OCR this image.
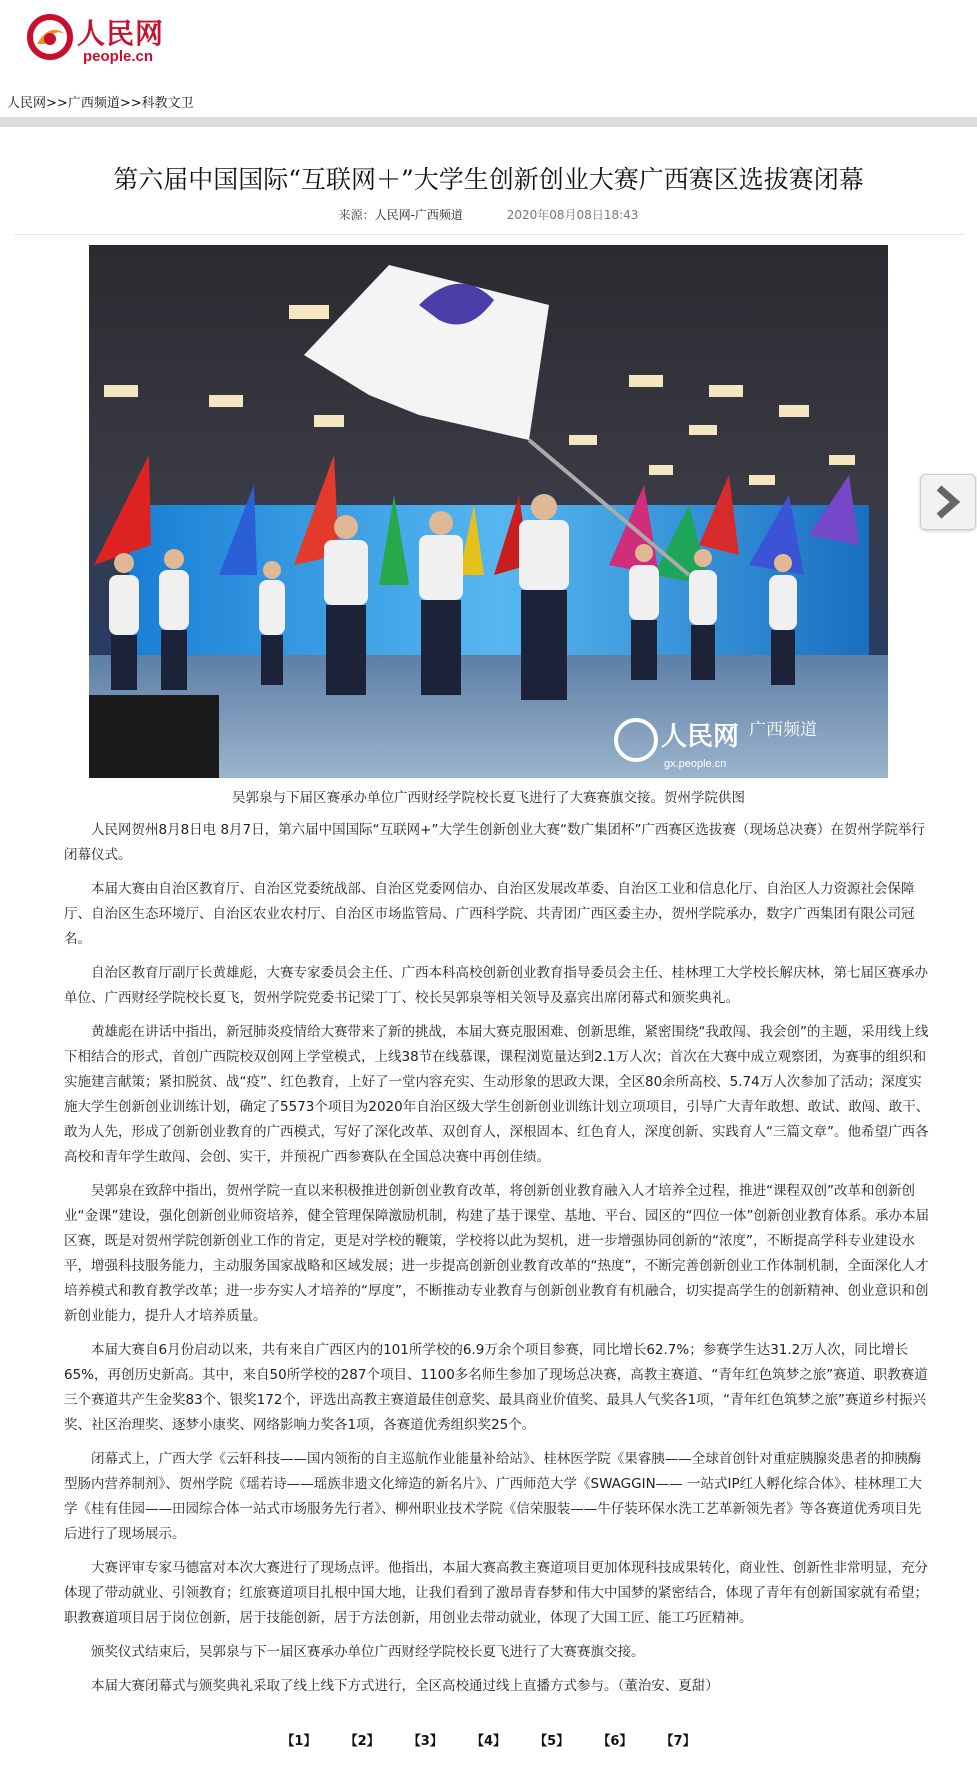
人民网
people.cn
人民网>>广西频道>>科教文卫
第六届中国国际“互联网＋”大学生创新创业大赛广西赛区选拔赛闭幕
来源：人民网-广西频道	2020年08月08日18:43
人民网 广西频道
gx.people.cn
吴郭泉与下届区赛承办单位广西财经学院校长夏飞进行了大赛赛旗交接。贺州学院供图

人民网贺州8月8日电 8月7日，第六届中国国际“互联网+”大学生创新创业大赛“数广集团杯”广西赛区选拔赛（现场总决赛）在贺州学院举行闭幕仪式。

本届大赛由自治区教育厅、自治区党委统战部、自治区党委网信办、自治区发展改革委、自治区工业和信息化厅、自治区人力资源社会保障厅、自治区生态环境厅、自治区农业农村厅、自治区市场监管局、广西科学院、共青团广西区委主办，贺州学院承办，数字广西集团有限公司冠名。

自治区教育厅副厅长黄雄彪，大赛专家委员会主任、广西本科高校创新创业教育指导委员会主任、桂林理工大学校长解庆林，第七届区赛承办单位、广西财经学院校长夏飞，贺州学院党委书记梁丁丁、校长吴郭泉等相关领导及嘉宾出席闭幕式和颁奖典礼。

黄雄彪在讲话中指出，新冠肺炎疫情给大赛带来了新的挑战，本届大赛克服困难、创新思维，紧密围绕“我敢闯、我会创”的主题，采用线上线下相结合的形式，首创广西院校双创网上学堂模式，上线38节在线慕课，课程浏览量达到2.1万人次；首次在大赛中成立观察团，为赛事的组织和实施建言献策；紧扣脱贫、战“疫”、红色教育，上好了一堂内容充实、生动形象的思政大课，全区80余所高校、5.74万人次参加了活动；深度实施大学生创新创业训练计划，确定了5573个项目为2020年自治区级大学生创新创业训练计划立项项目，引导广大青年敢想、敢试、敢闯、敢干、敢为人先，形成了创新创业教育的广西模式，写好了深化改革、双创育人，深根固本、红色育人，深度创新、实践育人“三篇文章”。他希望广西各高校和青年学生敢闯、会创、实干，并预祝广西参赛队在全国总决赛中再创佳绩。

吴郭泉在致辞中指出，贺州学院一直以来积极推进创新创业教育改革，将创新创业教育融入人才培养全过程，推进“课程双创”改革和创新创业“金课”建设，强化创新创业师资培养，健全管理保障激励机制，构建了基于课堂、基地、平台、园区的“四位一体”创新创业教育体系。承办本届区赛，既是对贺州学院创新创业工作的肯定，更是对学校的鞭策，学校将以此为契机，进一步增强协同创新的“浓度”，不断提高学科专业建设水平，增强科技服务能力，主动服务国家战略和区域发展；进一步提高创新创业教育改革的“热度”，不断完善创新创业工作体制机制，全面深化人才培养模式和教育教学改革；进一步夯实人才培养的“厚度”，不断推动专业教育与创新创业教育有机融合，切实提高学生的创新精神、创业意识和创新创业能力，提升人才培养质量。

本届大赛自6月份启动以来，共有来自广西区内的101所学校的6.9万余个项目参赛，同比增长62.7%；参赛学生达31.2万人次，同比增长65%，再创历史新高。其中，来自50所学校的287个项目、1100多名师生参加了现场总决赛，高教主赛道、“青年红色筑梦之旅”赛道、职教赛道三个赛道共产生金奖83个、银奖172个，评选出高教主赛道最佳创意奖、最具商业价值奖、最具人气奖各1项，“青年红色筑梦之旅”赛道乡村振兴奖、社区治理奖、逐梦小康奖、网络影响力奖各1项，各赛道优秀组织奖25个。

闭幕式上，广西大学《云轩科技——国内领衔的自主巡航作业能量补给站》、桂林医学院《果睿胰——全球首创针对重症胰腺炎患者的抑胰酶型肠内营养制剂》、贺州学院《瑶若诗——瑶族非遗文化缔造的新名片》、广西师范大学《SWAGGIN—— 一站式IP红人孵化综合体》、桂林理工大学《桂有佳园——田园综合体一站式市场服务先行者》、柳州职业技术学院《信荣服装——牛仔装环保水洗工艺革新领先者》等各赛道优秀项目先后进行了现场展示。

大赛评审专家马德富对本次大赛进行了现场点评。他指出，本届大赛高教主赛道项目更加体现科技成果转化，商业性、创新性非常明显，充分体现了带动就业、引领教育；红旅赛道项目扎根中国大地，让我们看到了激昂青春梦和伟大中国梦的紧密结合，体现了青年有创新国家就有希望；职教赛道项目居于岗位创新，居于技能创新，居于方法创新，用创业去带动就业，体现了大国工匠、能工巧匠精神。

颁奖仪式结束后，吴郭泉与下一届区赛承办单位广西财经学院校长夏飞进行了大赛赛旗交接。

本届大赛闭幕式与颁奖典礼采取了线上线下方式进行，全区高校通过线上直播方式参与。（董治安、夏甜）

【1】 【2】 【3】 【4】 【5】 【6】 【7】
